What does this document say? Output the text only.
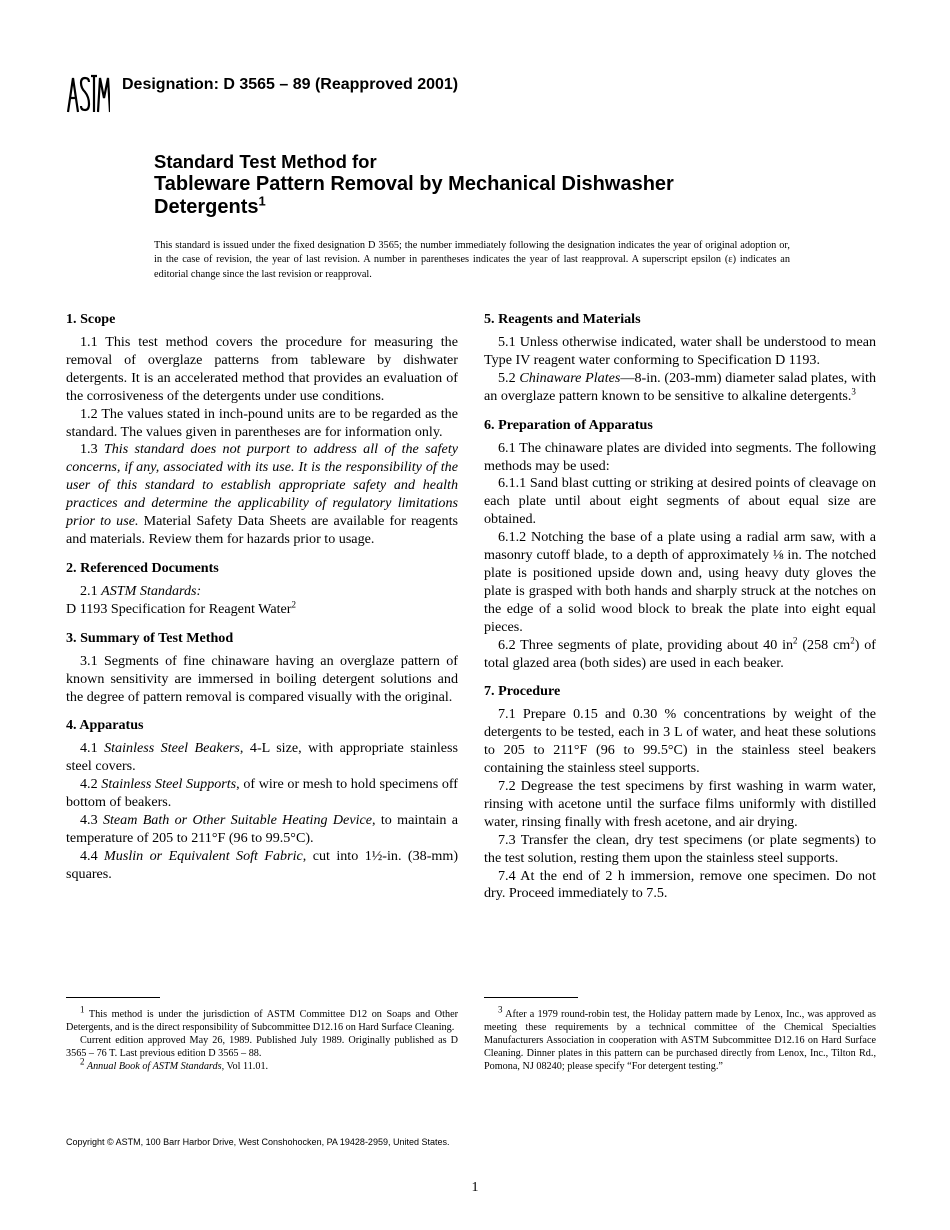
Designation: D 3565 – 89 (Reapproved 2001)
Standard Test Method for
Tableware Pattern Removal by Mechanical Dishwasher
Detergents$^1$
This standard is issued under the fixed designation D 3565; the number immediately following the designation indicates the year of original adoption or, in the case of revision, the year of last revision. A number in parentheses indicates the year of last reapproval. A superscript epsilon (ε) indicates an editorial change since the last revision or reapproval.
1. Scope

1.1 This test method covers the procedure for measuring the removal of overglaze patterns from tableware by dishwater detergents. It is an accelerated method that provides an evaluation of the corrosiveness of the detergents under use conditions.

1.2 The values stated in inch-pound units are to be regarded as the standard. The values given in parentheses are for information only.

1.3 This standard does not purport to address all of the safety concerns, if any, associated with its use. It is the responsibility of the user of this standard to establish appropriate safety and health practices and determine the applicability of regulatory limitations prior to use. Material Safety Data Sheets are available for reagents and materials. Review them for hazards prior to usage.

2. Referenced Documents

2.1 ASTM Standards:

D 1193 Specification for Reagent Water$^2$

3. Summary of Test Method

3.1 Segments of fine chinaware having an overglaze pattern of known sensitivity are immersed in boiling detergent solutions and the degree of pattern removal is compared visually with the original.

4. Apparatus

4.1 Stainless Steel Beakers, 4-L size, with appropriate stainless steel covers.

4.2 Stainless Steel Supports, of wire or mesh to hold specimens off bottom of beakers.

4.3 Steam Bath or Other Suitable Heating Device, to maintain a temperature of 205 to 211°F (96 to 99.5°C).

4.4 Muslin or Equivalent Soft Fabric, cut into 1½-in. (38-mm) squares.

5. Reagents and Materials

5.1 Unless otherwise indicated, water shall be understood to mean Type IV reagent water conforming to Specification D 1193.

5.2 Chinaware Plates—8-in. (203-mm) diameter salad plates, with an overglaze pattern known to be sensitive to alkaline detergents.$^3$

6. Preparation of Apparatus

6.1 The chinaware plates are divided into segments. The following methods may be used:

6.1.1 Sand blast cutting or striking at desired points of cleavage on each plate until about eight segments of about equal size are obtained.

6.1.2 Notching the base of a plate using a radial arm saw, with a masonry cutoff blade, to a depth of approximately ⅛ in. The notched plate is positioned upside down and, using heavy duty gloves the plate is grasped with both hands and sharply struck at the notches on the edge of a solid wood block to break the plate into eight equal pieces.

6.2 Three segments of plate, providing about 40 $in^2$ (258 $cm^2$) of total glazed area (both sides) are used in each beaker.

7. Procedure

7.1 Prepare 0.15 and 0.30 % concentrations by weight of the detergents to be tested, each in 3 L of water, and heat these solutions to 205 to 211°F (96 to 99.5°C) in the stainless steel beakers containing the stainless steel supports.

7.2 Degrease the test specimens by first washing in warm water, rinsing with acetone until the surface films uniformly with distilled water, rinsing finally with fresh acetone, and air drying.

7.3 Transfer the clean, dry test specimens (or plate segments) to the test solution, resting them upon the stainless steel supports.

7.4 At the end of 2 h immersion, remove one specimen. Do not dry. Proceed immediately to 7.5.

$^1$ This method is under the jurisdiction of ASTM Committee D12 on Soaps and Other Detergents, and is the direct responsibility of Subcommittee D12.16 on Hard Surface Cleaning.

Current edition approved May 26, 1989. Published July 1989. Originally published as D 3565 – 76 T. Last previous edition D 3565 – 88.

$^2$ Annual Book of ASTM Standards, Vol 11.01.

$^3$ After a 1979 round-robin test, the Holiday pattern made by Lenox, Inc., was approved as meeting these requirements by a technical committee of the Chemical Specialties Manufacturers Association in cooperation with ASTM Subcommittee D12.16 on Hard Surface Cleaning. Dinner plates in this pattern can be purchased directly from Lenox, Inc., Tilton Rd., Pomona, NJ 08240; please specify “For detergent testing.”

Copyright © ASTM, 100 Barr Harbor Drive, West Conshohocken, PA 19428-2959, United States.
1
